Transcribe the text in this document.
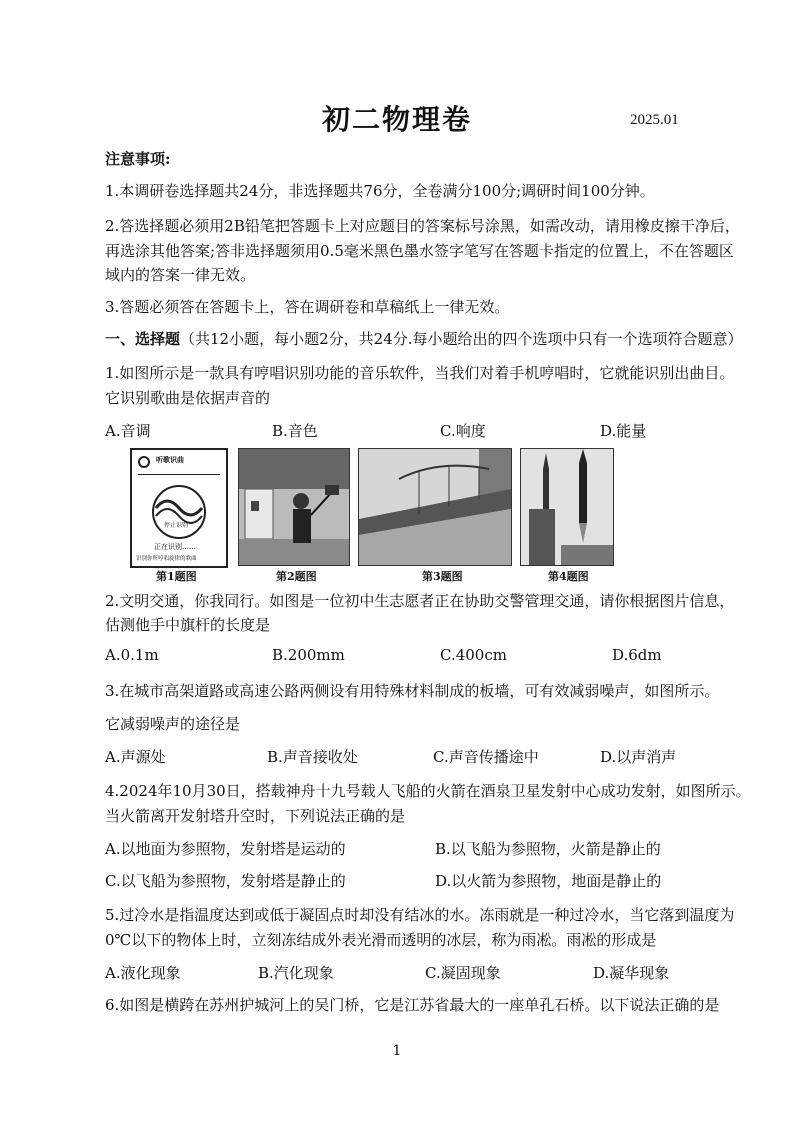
初二物理卷	2025.01
注意事项:
1.本调研卷选择题共24分，非选择题共76分，全卷满分100分;调研时间100分钟。
2.答选择题必须用2B铅笔把答题卡上对应题目的答案标号涂黑，如需改动，请用橡皮擦干净后，
再选涂其他答案;答非选择题须用0.5毫米黑色墨水签字笔写在答题卡指定的位置上，不在答题区
域内的答案一律无效。
3.答题必须答在答题卡上，答在调研卷和草稿纸上一律无效。
一、选择题（共12小题，每小题2分，共24分.每小题给出的四个选项中只有一个选项符合题意）
1.如图所示是一款具有哼唱识别功能的音乐软件，当我们对着手机哼唱时，它就能识别出曲目。
它识别歌曲是依据声音的
A.音调	B.音色	C.响度	D.能量
听歌识曲
停止识别
正在识别……
识别你所哼唱旋律的歌曲
第1题图	第2题图	第3题图	第4题图
2.文明交通，你我同行。如图是一位初中生志愿者正在协助交警管理交通，请你根据图片信息，
估测他手中旗杆的长度是
A.0.1m	B.200mm	C.400cm	D.6dm
3.在城市高架道路或高速公路两侧设有用特殊材料制成的板墙，可有效减弱噪声，如图所示。
它减弱噪声的途径是
A.声源处	B.声音接收处	C.声音传播途中	D.以声消声
4.2024年10月30日，搭载神舟十九号载人飞船的火箭在酒泉卫星发射中心成功发射，如图所示。
当火箭离开发射塔升空时，下列说法正确的是
A.以地面为参照物，发射塔是运动的	B.以飞船为参照物，火箭是静止的
C.以飞船为参照物，发射塔是静止的	D.以火箭为参照物，地面是静止的
5.过冷水是指温度达到或低于凝固点时却没有结冰的水。冻雨就是一种过冷水，当它落到温度为
0℃以下的物体上时，立刻冻结成外表光滑而透明的冰层，称为雨凇。雨凇的形成是
A.液化现象	B.汽化现象	C.凝固现象	D.凝华现象
6.如图是横跨在苏州护城河上的吴门桥，它是江苏省最大的一座单孔石桥。以下说法正确的是
1
